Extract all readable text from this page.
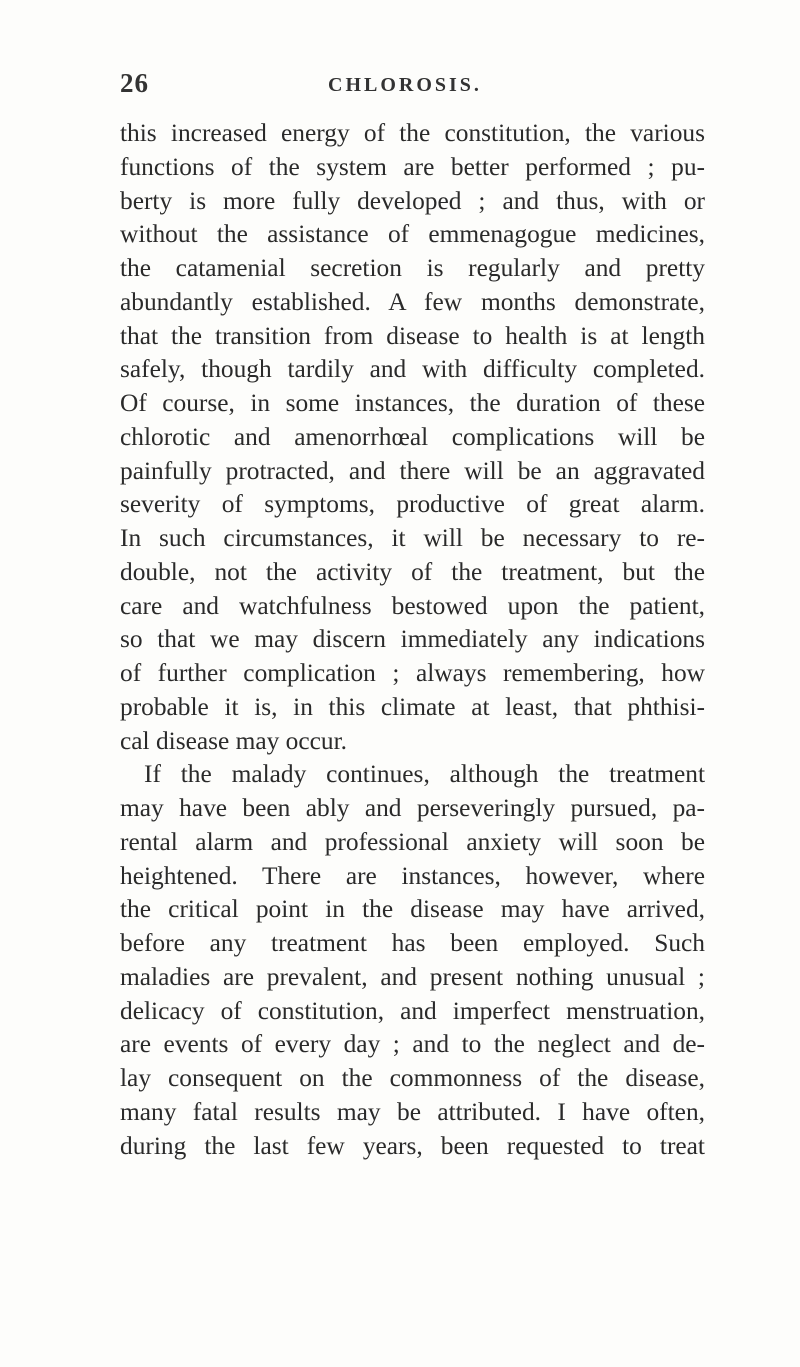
26	CHLOROSIS.
this increased energy of the constitution, the various
functions of the system are better performed ; pu-
berty is more fully developed ; and thus, with or
without the assistance of emmenagogue medicines,
the catamenial secretion is regularly and pretty
abundantly established. A few months demonstrate,
that the transition from disease to health is at length
safely, though tardily and with difficulty completed.
Of course, in some instances, the duration of these
chlorotic and amenorrhœal complications will be
painfully protracted, and there will be an aggravated
severity of symptoms, productive of great alarm.
In such circumstances, it will be necessary to re-
double, not the activity of the treatment, but the
care and watchfulness bestowed upon the patient,
so that we may discern immediately any indications
of further complication ; always remembering, how
probable it is, in this climate at least, that phthisi-
cal disease may occur.
If the malady continues, although the treatment
may have been ably and perseveringly pursued, pa-
rental alarm and professional anxiety will soon be
heightened. There are instances, however, where
the critical point in the disease may have arrived,
before any treatment has been employed. Such
maladies are prevalent, and present nothing unusual ;
delicacy of constitution, and imperfect menstruation,
are events of every day ; and to the neglect and de-
lay consequent on the commonness of the disease,
many fatal results may be attributed. I have often,
during the last few years, been requested to treat
